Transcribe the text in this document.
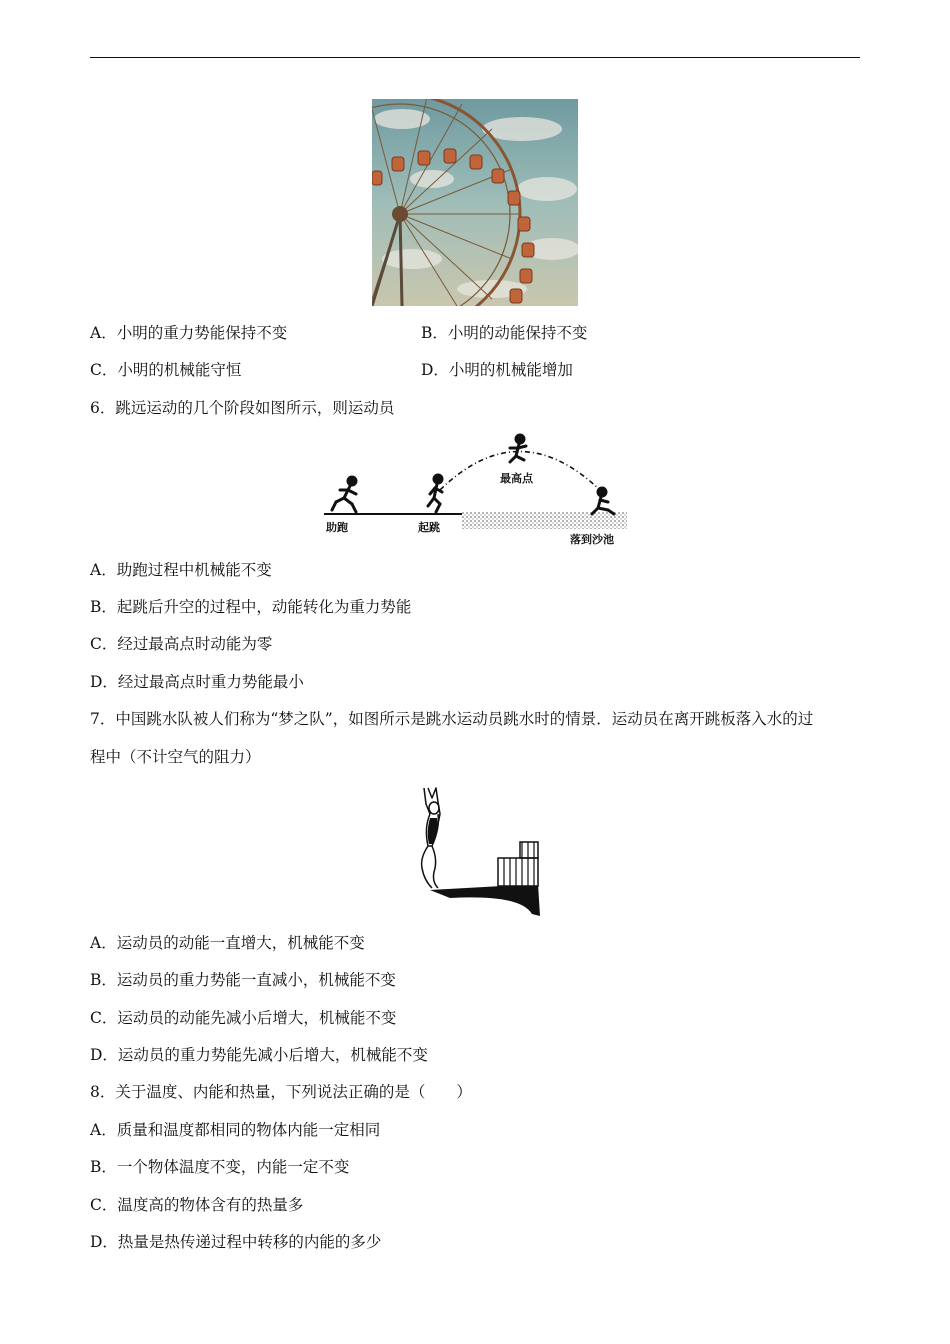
A．小明的重力势能保持不变	B．小明的动能保持不变
C．小明的机械能守恒	D．小明的机械能增加
6．跳远运动的几个阶段如图所示，则运动员
助跑	起跳
最高点
落到沙池
A．助跑过程中机械能不变
B．起跳后升空的过程中，动能转化为重力势能
C．经过最高点时动能为零
D．经过最高点时重力势能最小
7．中国跳水队被人们称为“梦之队”，如图所示是跳水运动员跳水时的情景．运动员在离开跳板落入水的过
程中（不计空气的阻力）
A．运动员的动能一直增大，机械能不变
B．运动员的重力势能一直减小，机械能不变
C．运动员的动能先减小后增大，机械能不变
D．运动员的重力势能先减小后增大，机械能不变
8．关于温度、内能和热量，下列说法正确的是（　　）
A．质量和温度都相同的物体内能一定相同
B．一个物体温度不变，内能一定不变
C．温度高的物体含有的热量多
D．热量是热传递过程中转移的内能的多少
